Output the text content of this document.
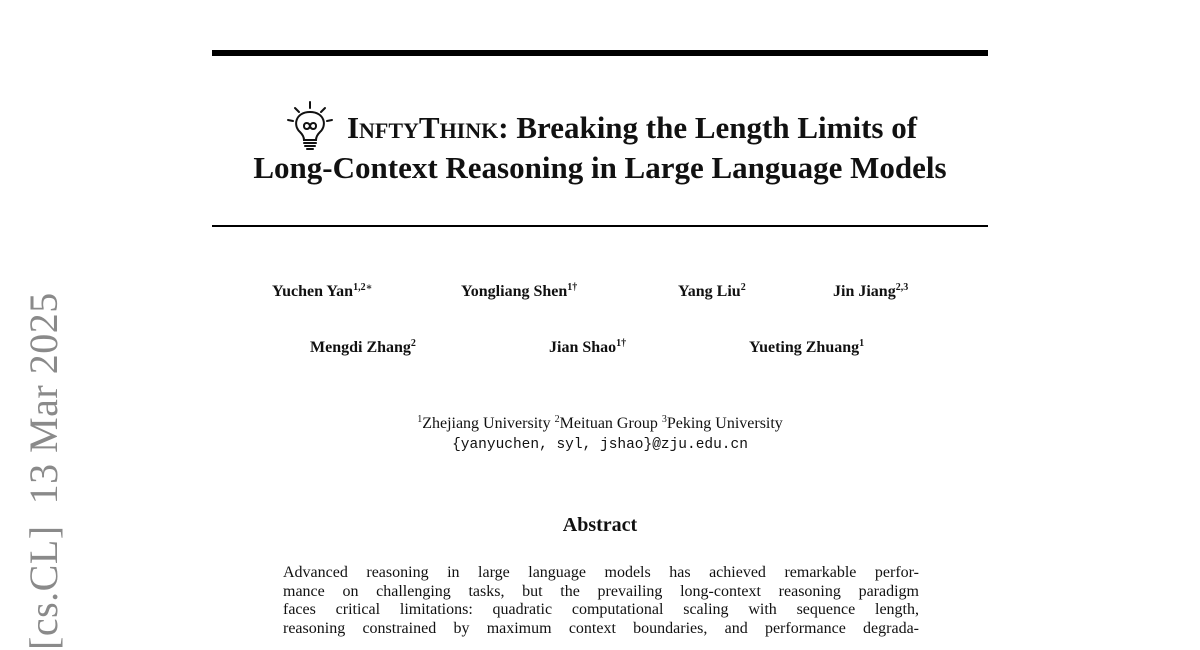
InftyThink: Breaking the Length Limits of
Long-Context Reasoning in Large Language Models
Yuchen Yan$^{1,2∗}$	Yongliang Shen$^{1\dagger}$	Yang Liu$^2$	Jin Jiang$^{2,3}$
Mengdi Zhang$^2$	Jian Shao$^{1\dagger}$	Yueting Zhuang$^1$
$^1$Zhejiang University $^2$Meituan Group $^3$Peking University
{yanyuchen, syl, jshao}@zju.edu.cn
Abstract
Advanced reasoning in large language models has achieved remarkable perfor-
mance on challenging tasks, but the prevailing long-context reasoning paradigm
faces critical limitations: quadratic computational scaling with sequence length,
reasoning constrained by maximum context boundaries, and performance degrada-
[cs.CL]  13 Mar 2025
